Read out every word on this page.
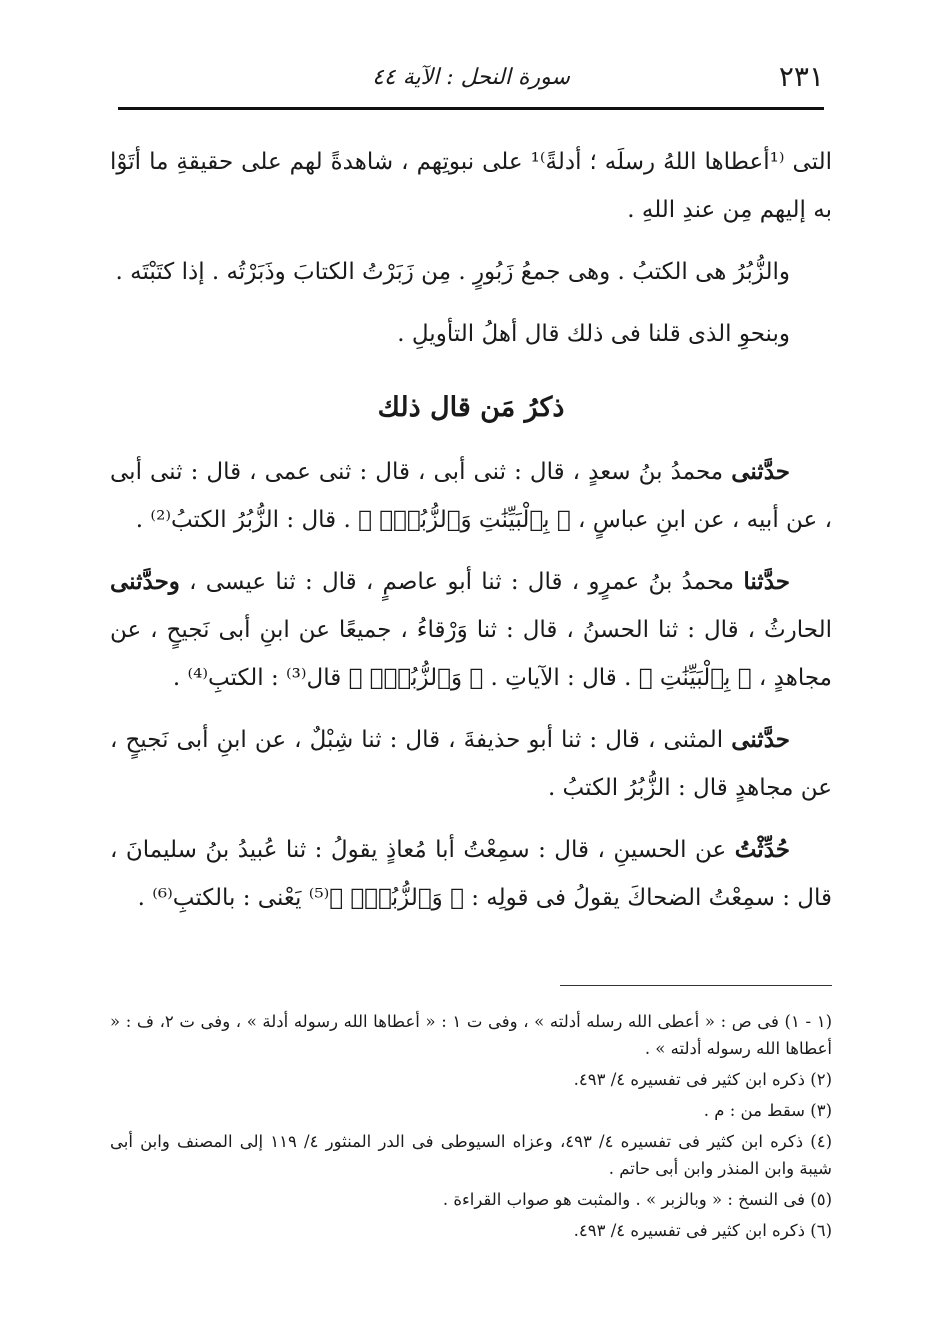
سورة النحل : الآية ٤٤	٢٣١

التى ⁽¹أعطاها اللهُ رسلَه ؛ أدلةً⁾¹ على نبوتِهم ، شاهدةً لهم على حقيقةِ ما أتَوْا به إليهم مِن عندِ اللهِ .

والزُّبُرُ هى الكتبُ . وهى جمعُ زَبُورٍ . مِن زَبَرْتُ الكتابَ وذَبَرْتُه . إذا كتَبْتَه .

وبنحوِ الذى قلنا فى ذلك قال أهلُ التأويلِ .

ذكرُ مَن قال ذلك

حدَّثنى محمدُ بنُ سعدٍ ، قال : ثنى أبى ، قال : ثنى عمى ، قال : ثنى أبى ، عن أبيه ، عن ابنِ عباسٍ ، ﴿ بِٱلْبَيِّنَٰتِ وَٱلزُّبُرِۗ ﴾ . قال : الزُّبُرُ الكتبُ⁽²⁾ .

حدَّثنا محمدُ بنُ عمرٍو ، قال : ثنا أبو عاصمٍ ، قال : ثنا عيسى ، وحدَّثنى الحارثُ ، قال : ثنا الحسنُ ، قال : ثنا وَرْقاءُ ، جميعًا عن ابنِ أبى نَجيحٍ ، عن مجاهدٍ ، ﴿ بِٱلْبَيِّنَٰتِ ﴾ . قال : الآياتِ . ﴿ وَٱلزُّبُرِۗ ﴾ قال⁽³⁾ : الكتبِ⁽⁴⁾ .

حدَّثنى المثنى ، قال : ثنا أبو حذيفةَ ، قال : ثنا شِبْلٌ ، عن ابنِ أبى نَجيحٍ ، عن مجاهدٍ قال : الزُّبُرُ الكتبُ .

حُدِّثْتُ عن الحسينِ ، قال : سمِعْتُ أبا مُعاذٍ يقولُ : ثنا عُبيدُ بنُ سليمانَ ، قال : سمِعْتُ الضحاكَ يقولُ فى قولِه : ﴿ وَٱلزُّبُرِۗ ﴾⁽⁵⁾ يَعْنى : بالكتبِ⁽⁶⁾ .

(١ - ١) فى ص : « أعطى الله رسله أدلته » ، وفى ت ١ : « أعطاها الله رسوله أدلة » ، وفى ت ٢، ف : « أعطاها الله رسوله أدلته » .

(٢) ذكره ابن كثير فى تفسيره ٤/ ٤٩٣.

(٣) سقط من : م .

(٤) ذكره ابن كثير فى تفسيره ٤/ ٤٩٣، وعزاه السيوطى فى الدر المنثور ٤/ ١١٩ إلى المصنف وابن أبى شيبة وابن المنذر وابن أبى حاتم .

(٥) فى النسخ : « وبالزبر » . والمثبت هو صواب القراءة .

(٦) ذكره ابن كثير فى تفسيره ٤/ ٤٩٣.
